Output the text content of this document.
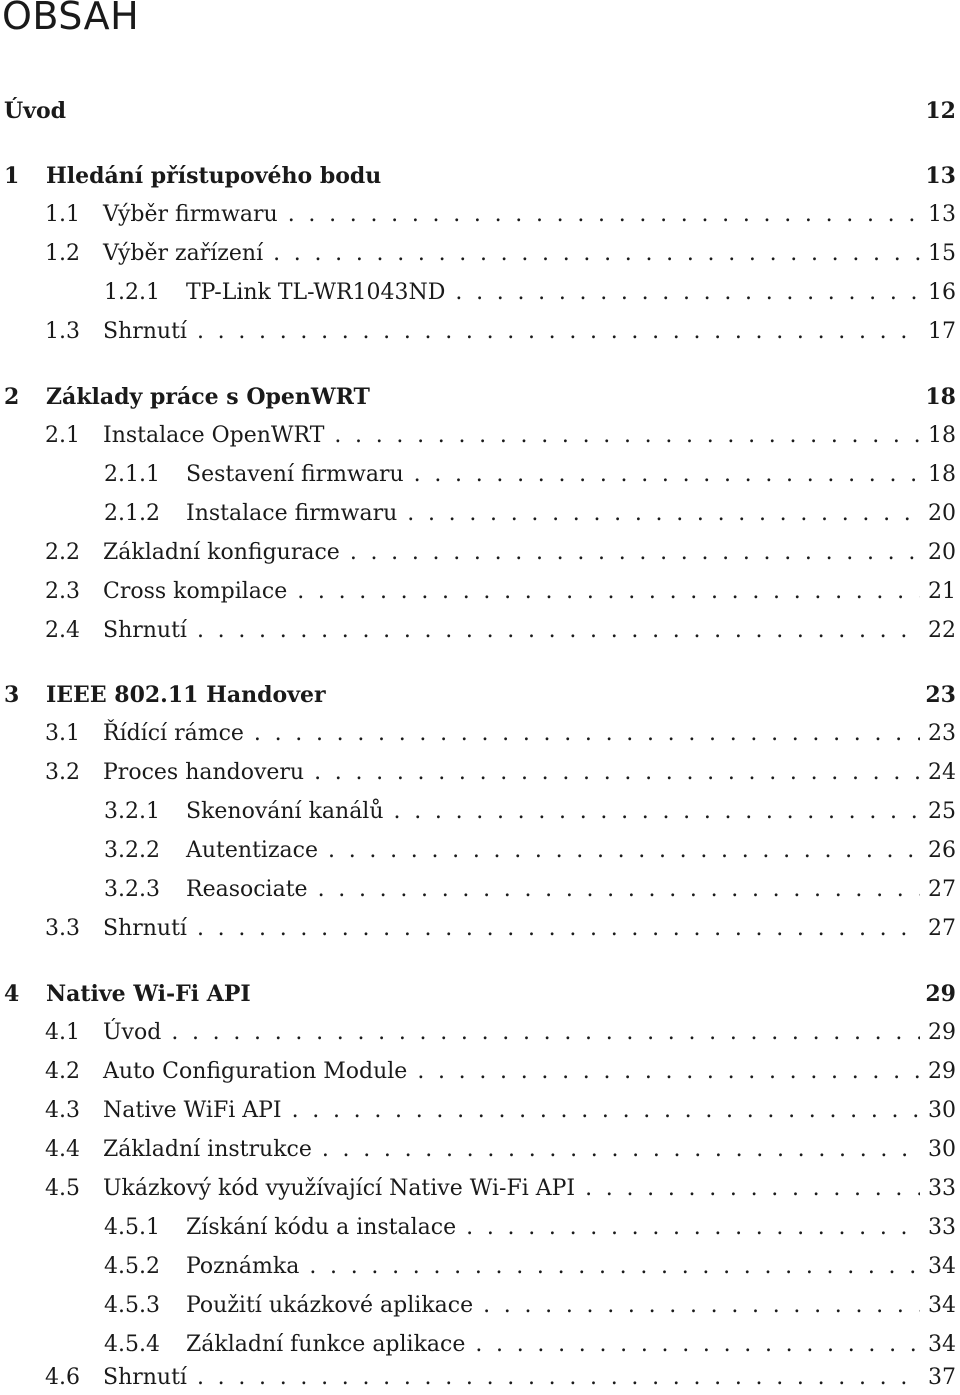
OBSAH
Úvod	12
1	Hledání přístupového bodu	13
1.1	Výběr firmwaru . . .	13
1.2	Výběr zařízení . . .	15
1.2.1	TP-Link TL-WR1043ND . . .	16
1.3	Shrnutí . . .	17
2	Základy práce s OpenWRT	18
2.1	Instalace OpenWRT . . .	18
2.1.1	Sestavení firmwaru . . .	18
2.1.2	Instalace firmwaru . . .	20
2.2	Základní konfigurace . . .	20
2.3	Cross kompilace . . .	21
2.4	Shrnutí . . .	22
3	IEEE 802.11 Handover	23
3.1	Řídící rámce . . .	23
3.2	Proces handoveru . . .	24
3.2.1	Skenování kanálů . . .	25
3.2.2	Autentizace . . .	26
3.2.3	Reasociate . . .	27
3.3	Shrnutí . . .	27
4	Native Wi-Fi API	29
4.1	Úvod . . .	29
4.2	Auto Configuration Module . . .	29
4.3	Native WiFi API . . .	30
4.4	Základní instrukce . . .	30
4.5	Ukázkový kód využívající Native Wi-Fi API . . .	33
4.5.1	Získání kódu a instalace . . .	33
4.5.2	Poznámka . . .	34
4.5.3	Použití ukázkové aplikace . . .	34
4.5.4	Základní funkce aplikace . . .	34
4.6	Shrnutí . . .	37
